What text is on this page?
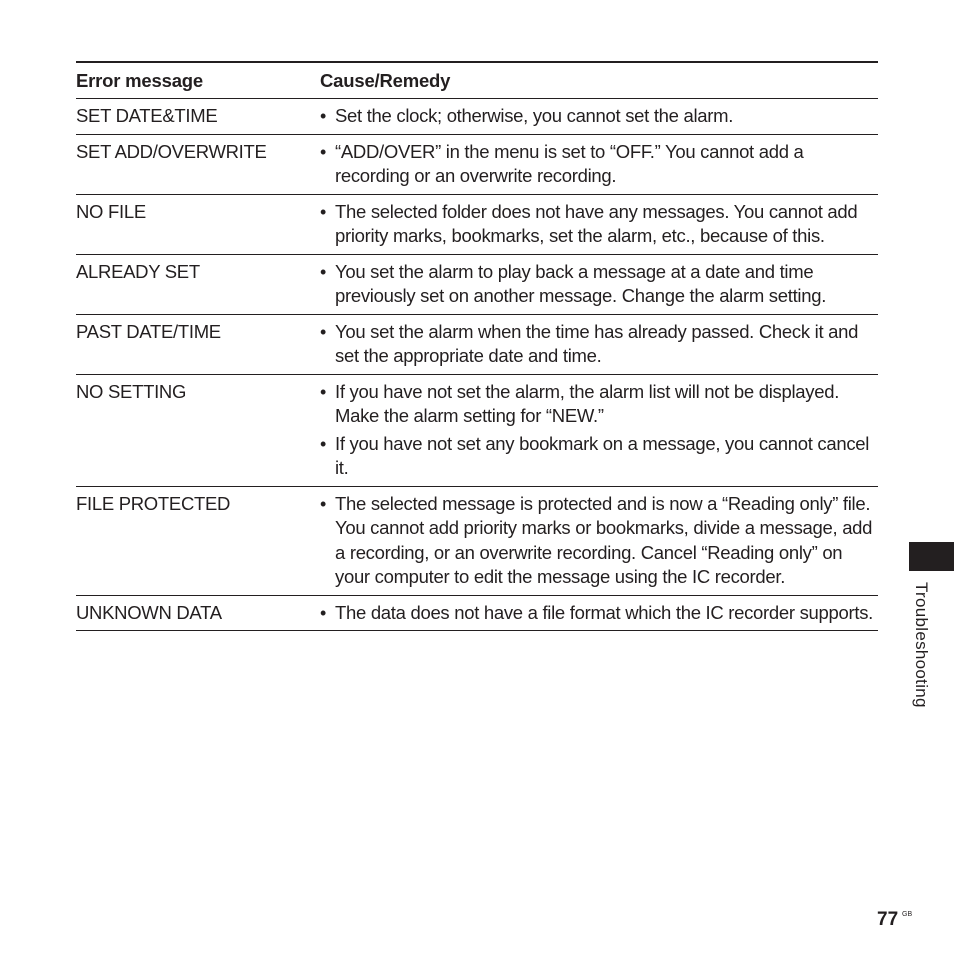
Error message	Cause/Remedy
SET DATE&TIME	• Set the clock; otherwise, you cannot set the alarm.
SET ADD/OVERWRITE	• “ADD/OVER” in the menu is set to “OFF.” You cannot add a recording or an overwrite recording.
NO FILE	• The selected folder does not have any messages. You cannot add priority marks, bookmarks, set the alarm, etc., because of this.
ALREADY SET	• You set the alarm to play back a message at a date and time previously set on another message. Change the alarm setting.
PAST DATE/TIME	• You set the alarm when the time has already passed. Check it and set the appropriate date and time.
NO SETTING	• If you have not set the alarm, the alarm list will not be displayed. Make the alarm setting for “NEW.”
• If you have not set any bookmark on a message, you cannot cancel it.
FILE PROTECTED	• The selected message is protected and is now a “Reading only” file. You cannot add priority marks or bookmarks, divide a message, add a recording, or an overwrite recording. Cancel “Reading only” on your computer to edit the message using the IC recorder.
UNKNOWN DATA	• The data does not have a file format which the IC recorder supports. Troubleshooting
77 GB
